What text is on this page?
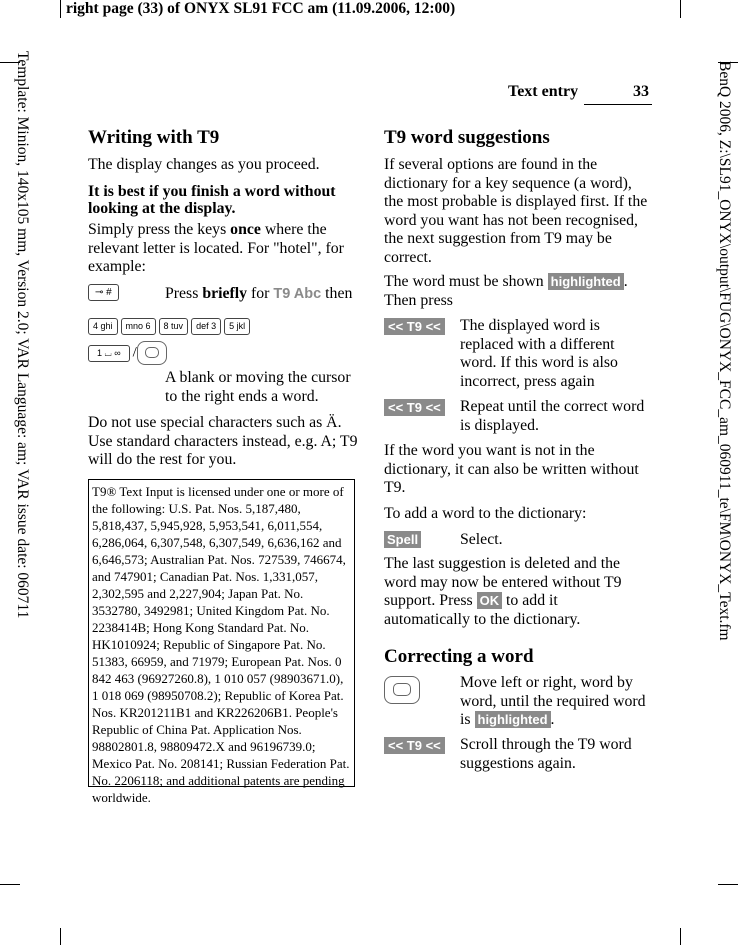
right page (33) of ONYX SL91 FCC am (11.09.2006, 12:00)
Template: Minion, 140x105 mm, Version 2.0; VAR Language: am; VAR issue date: 060711	BenQ 2006, Z:\SL91_ONYX\output\FUG\ONYX_FCC_am_060911_te\FM\ONYX_Text.fm
Text entry	33
Writing with T9

The display changes as you proceed.

It is best if you finish a word without looking at the display.

Simply press the keys once where the relevant letter is located. For "hotel", for example:

⊸ #	Press briefly for T9 Abc then

4 ghi mno 6 8 tuv def 3 5 jkl
1 ⌴ ∞ /

A blank or moving the cursor to the right ends a word.

Do not use special characters such as Ä. Use standard characters instead, e.g. A; T9 will do the rest for you.

T9® Text Input is licensed under one or more of the following: U.S. Pat. Nos. 5,187,480, 5,818,437, 5,945,928, 5,953,541, 6,011,554, 6,286,064, 6,307,548, 6,307,549, 6,636,162 and 6,646,573; Australian Pat. Nos. 727539, 746674, and 747901; Canadian Pat. Nos. 1,331,057, 2,302,595 and 2,227,904; Japan Pat. No. 3532780, 3492981; United Kingdom Pat. No. 2238414B; Hong Kong Standard Pat. No. HK1010924; Republic of Singapore Pat. No. 51383, 66959, and 71979; European Pat. Nos. 0 842 463 (96927260.8), 1 010 057 (98903671.0), 1 018 069 (98950708.2); Republic of Korea Pat. Nos. KR201211B1 and KR226206B1. People's Republic of China Pat. Application Nos. 98802801.8, 98809472.X and 96196739.0; Mexico Pat. No. 208141; Russian Federation Pat. No. 2206118; and additional patents are pending worldwide.

T9 word suggestions

If several options are found in the dictionary for a key sequence (a word), the most probable is displayed first. If the word you want has not been recognised, the next suggestion from T9 may be correct.

The word must be shown highlighted . Then press

<< T9 << The displayed word is replaced with a different word. If this word is also incorrect, press again

<< T9 << Repeat until the correct word is displayed.

If the word you want is not in the dictionary, it can also be written without T9.

To add a word to the dictionary:

Spell	Select.

The last suggestion is deleted and the word may now be entered without T9 support. Press OK to add it automatically to the dictionary.

Correcting a word

Move left or right, word by word, until the required word is highlighted .

<< T9 << Scroll through the T9 word suggestions again.
